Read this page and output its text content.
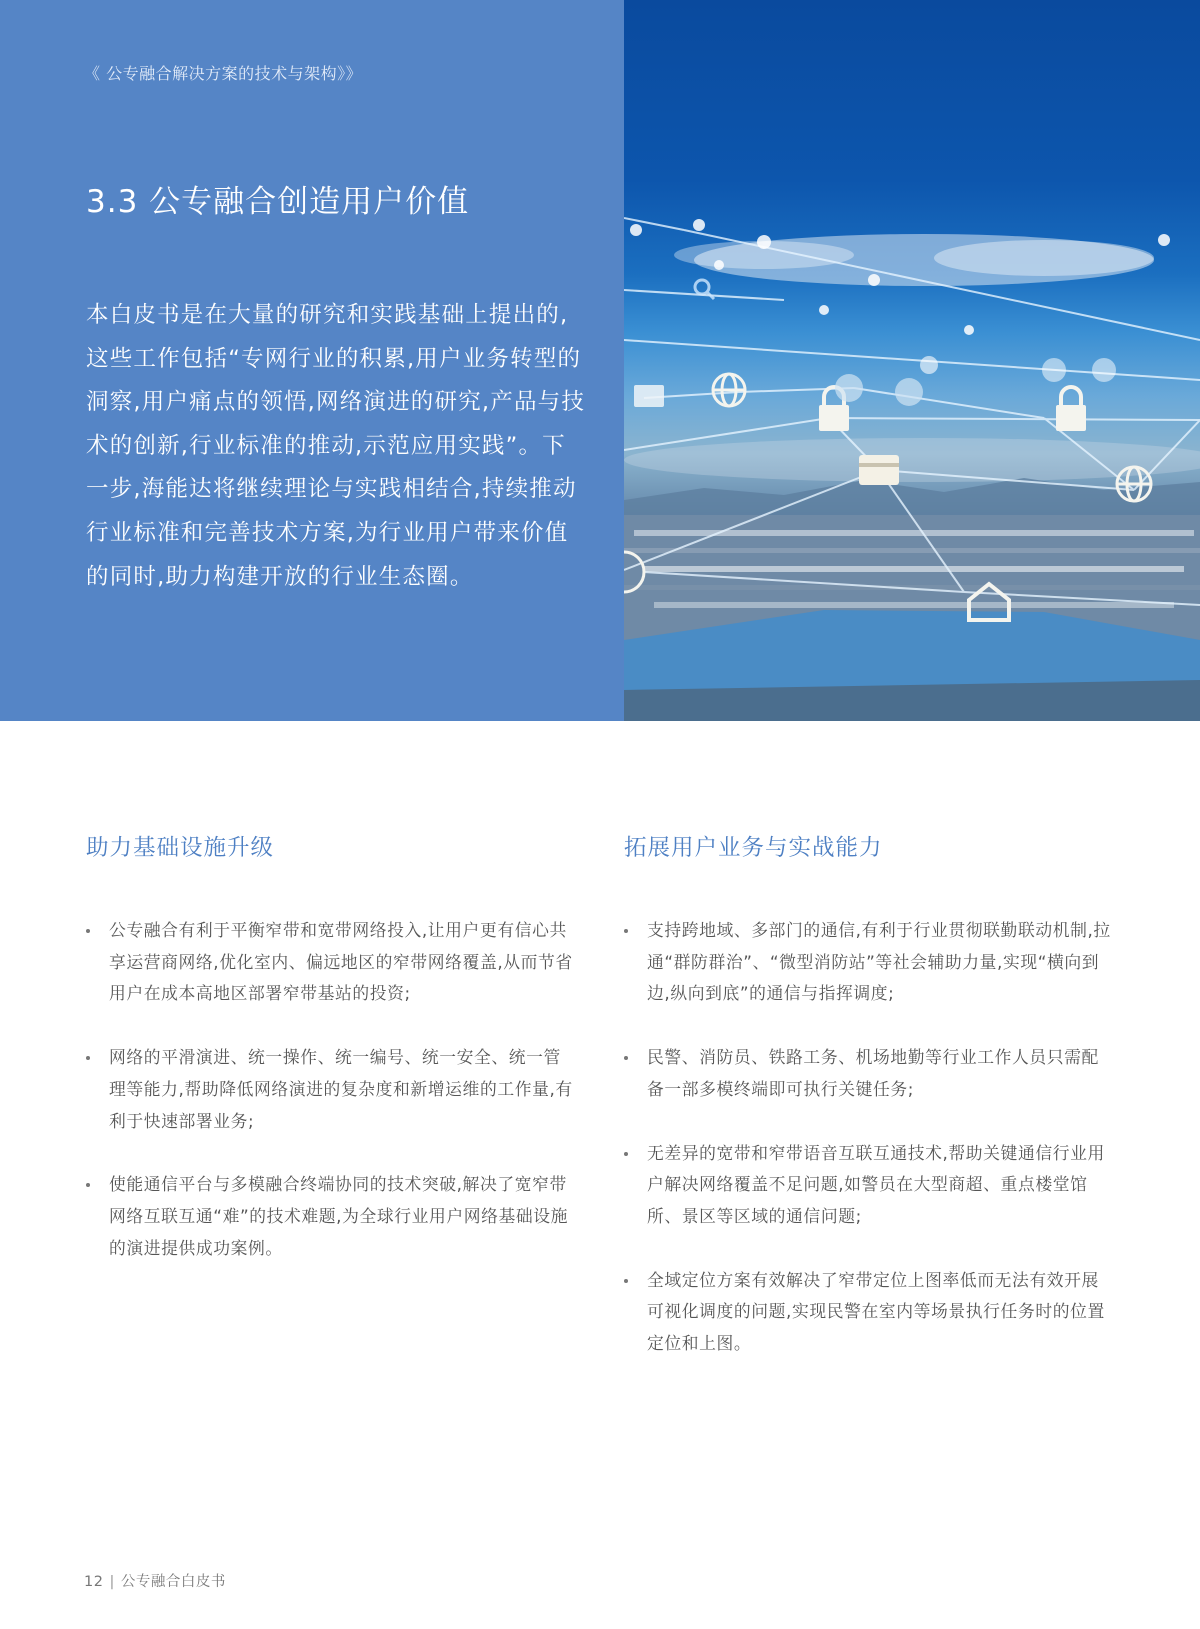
《 公专融合解决方案的技术与架构》》
3.3 公专融合创造用户价值

本白皮书是在大量的研究和实践基础上提出的, 这些工作包括“专网行业的积累,用户业务转型的洞察,用户痛点的领悟,网络演进的研究,产品与技术的创新,行业标准的推动,示范应用实践”。下一步,海能达将继续理论与实践相结合,持续推动行业标准和完善技术方案,为行业用户带来价值的同时,助力构建开放的行业生态圈。

助力基础设施升级
公专融合有利于平衡窄带和宽带网络投入,让用户更有信心共享运营商网络,优化室内、偏远地区的窄带网络覆盖,从而节省用户在成本高地区部署窄带基站的投资;
网络的平滑演进、统一操作、统一编号、统一安全、统一管理等能力,帮助降低网络演进的复杂度和新增运维的工作量,有利于快速部署业务;
使能通信平台与多模融合终端协同的技术突破,解决了宽窄带网络互联互通“难”的技术难题,为全球行业用户网络基础设施的演进提供成功案例。
拓展用户业务与实战能力
支持跨地域、多部门的通信,有利于行业贯彻联勤联动机制,拉通“群防群治”、“微型消防站”等社会辅助力量,实现“横向到边,纵向到底”的通信与指挥调度;
民警、消防员、铁路工务、机场地勤等行业工作人员只需配备一部多模终端即可执行关键任务;
无差异的宽带和窄带语音互联互通技术,帮助关键通信行业用户解决网络覆盖不足问题,如警员在大型商超、重点楼堂馆所、景区等区域的通信问题;
全域定位方案有效解决了窄带定位上图率低而无法有效开展可视化调度的问题,实现民警在室内等场景执行任务时的位置定位和上图。
12 | 公专融合白皮书
